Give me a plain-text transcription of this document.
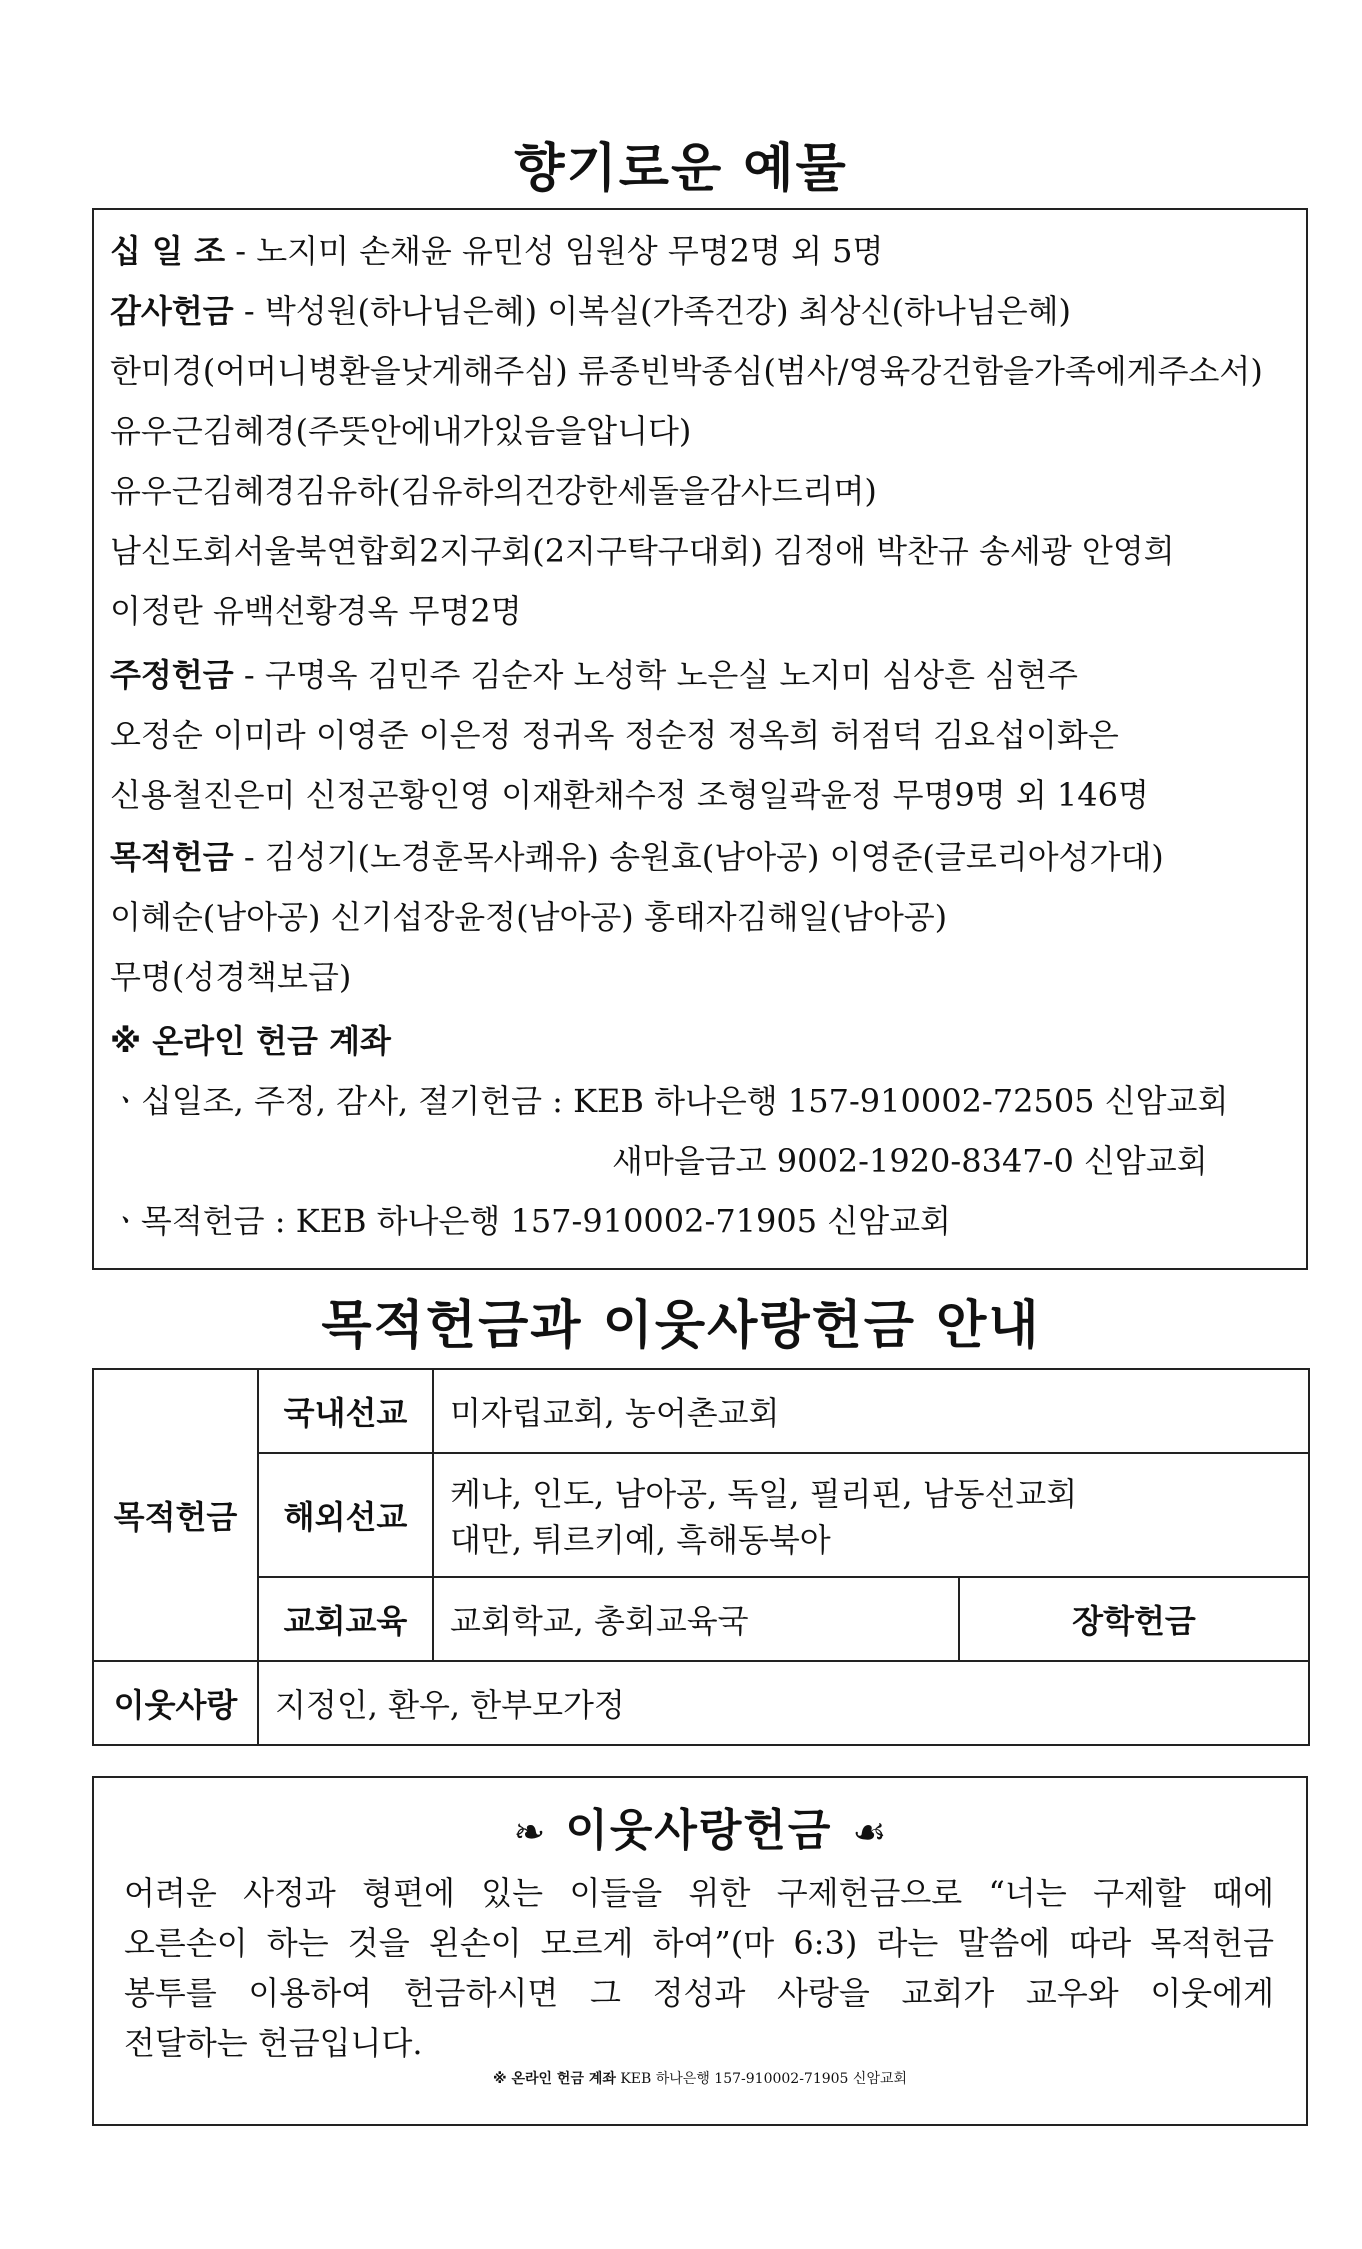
향기로운 예물
십 일 조 - 노지미 손채윤 유민성 임원상 무명2명 외 5명
감사헌금 - 박성원(하나님은혜) 이복실(가족건강) 최상신(하나님은혜)
한미경(어머니병환을낫게해주심) 류종빈박종심(범사/영육강건함을가족에게주소서)
유우근김혜경(주뜻안에내가있음을압니다)
유우근김혜경김유하(김유하의건강한세돌을감사드리며)
남신도회서울북연합회2지구회(2지구탁구대회) 김정애 박찬규 송세광 안영희
이정란 유백선황경옥 무명2명
주정헌금 - 구명옥 김민주 김순자 노성학 노은실 노지미 심상흔 심현주
오정순 이미라 이영준 이은정 정귀옥 정순정 정옥희 허점덕 김요섭이화은
신용철진은미 신정곤황인영 이재환채수정 조형일곽윤정 무명9명 외 146명
목적헌금 - 김성기(노경훈목사쾌유) 송원효(남아공) 이영준(글로리아성가대)
이혜순(남아공) 신기섭장윤정(남아공) 홍태자김해일(남아공)
무명(성경책보급)
※ 온라인 헌금 계좌
ㆍ십일조, 주정, 감사, 절기헌금 : KEB 하나은행 157-910002-72505 신암교회
새마을금고 9002-1920-8347-0 신암교회
ㆍ목적헌금 : KEB 하나은행 157-910002-71905 신암교회
목적헌금과 이웃사랑헌금 안내
목적헌금	국내선교	미자립교회, 농어촌교회	
	해외선교	케냐, 인도, 남아공, 독일, 필리핀, 남동선교회
대만, 튀르키예, 흑해동북아	

	교회교육	교회학교, 총회교육국	장학헌금
이웃사랑	지정인, 환우, 한부모가정		
❧ 이웃사랑헌금 ☙
어려운 사정과 형편에 있는 이들을 위한 구제헌금으로 “너는 구제할 때에
오른손이 하는 것을 왼손이 모르게 하여”(마 6:3) 라는 말씀에 따라 목적헌금
봉투를 이용하여 헌금하시면 그 정성과 사랑을 교회가 교우와 이웃에게
전달하는 헌금입니다.
※ 온라인 헌금 계좌 KEB 하나은행 157-910002-71905 신암교회
